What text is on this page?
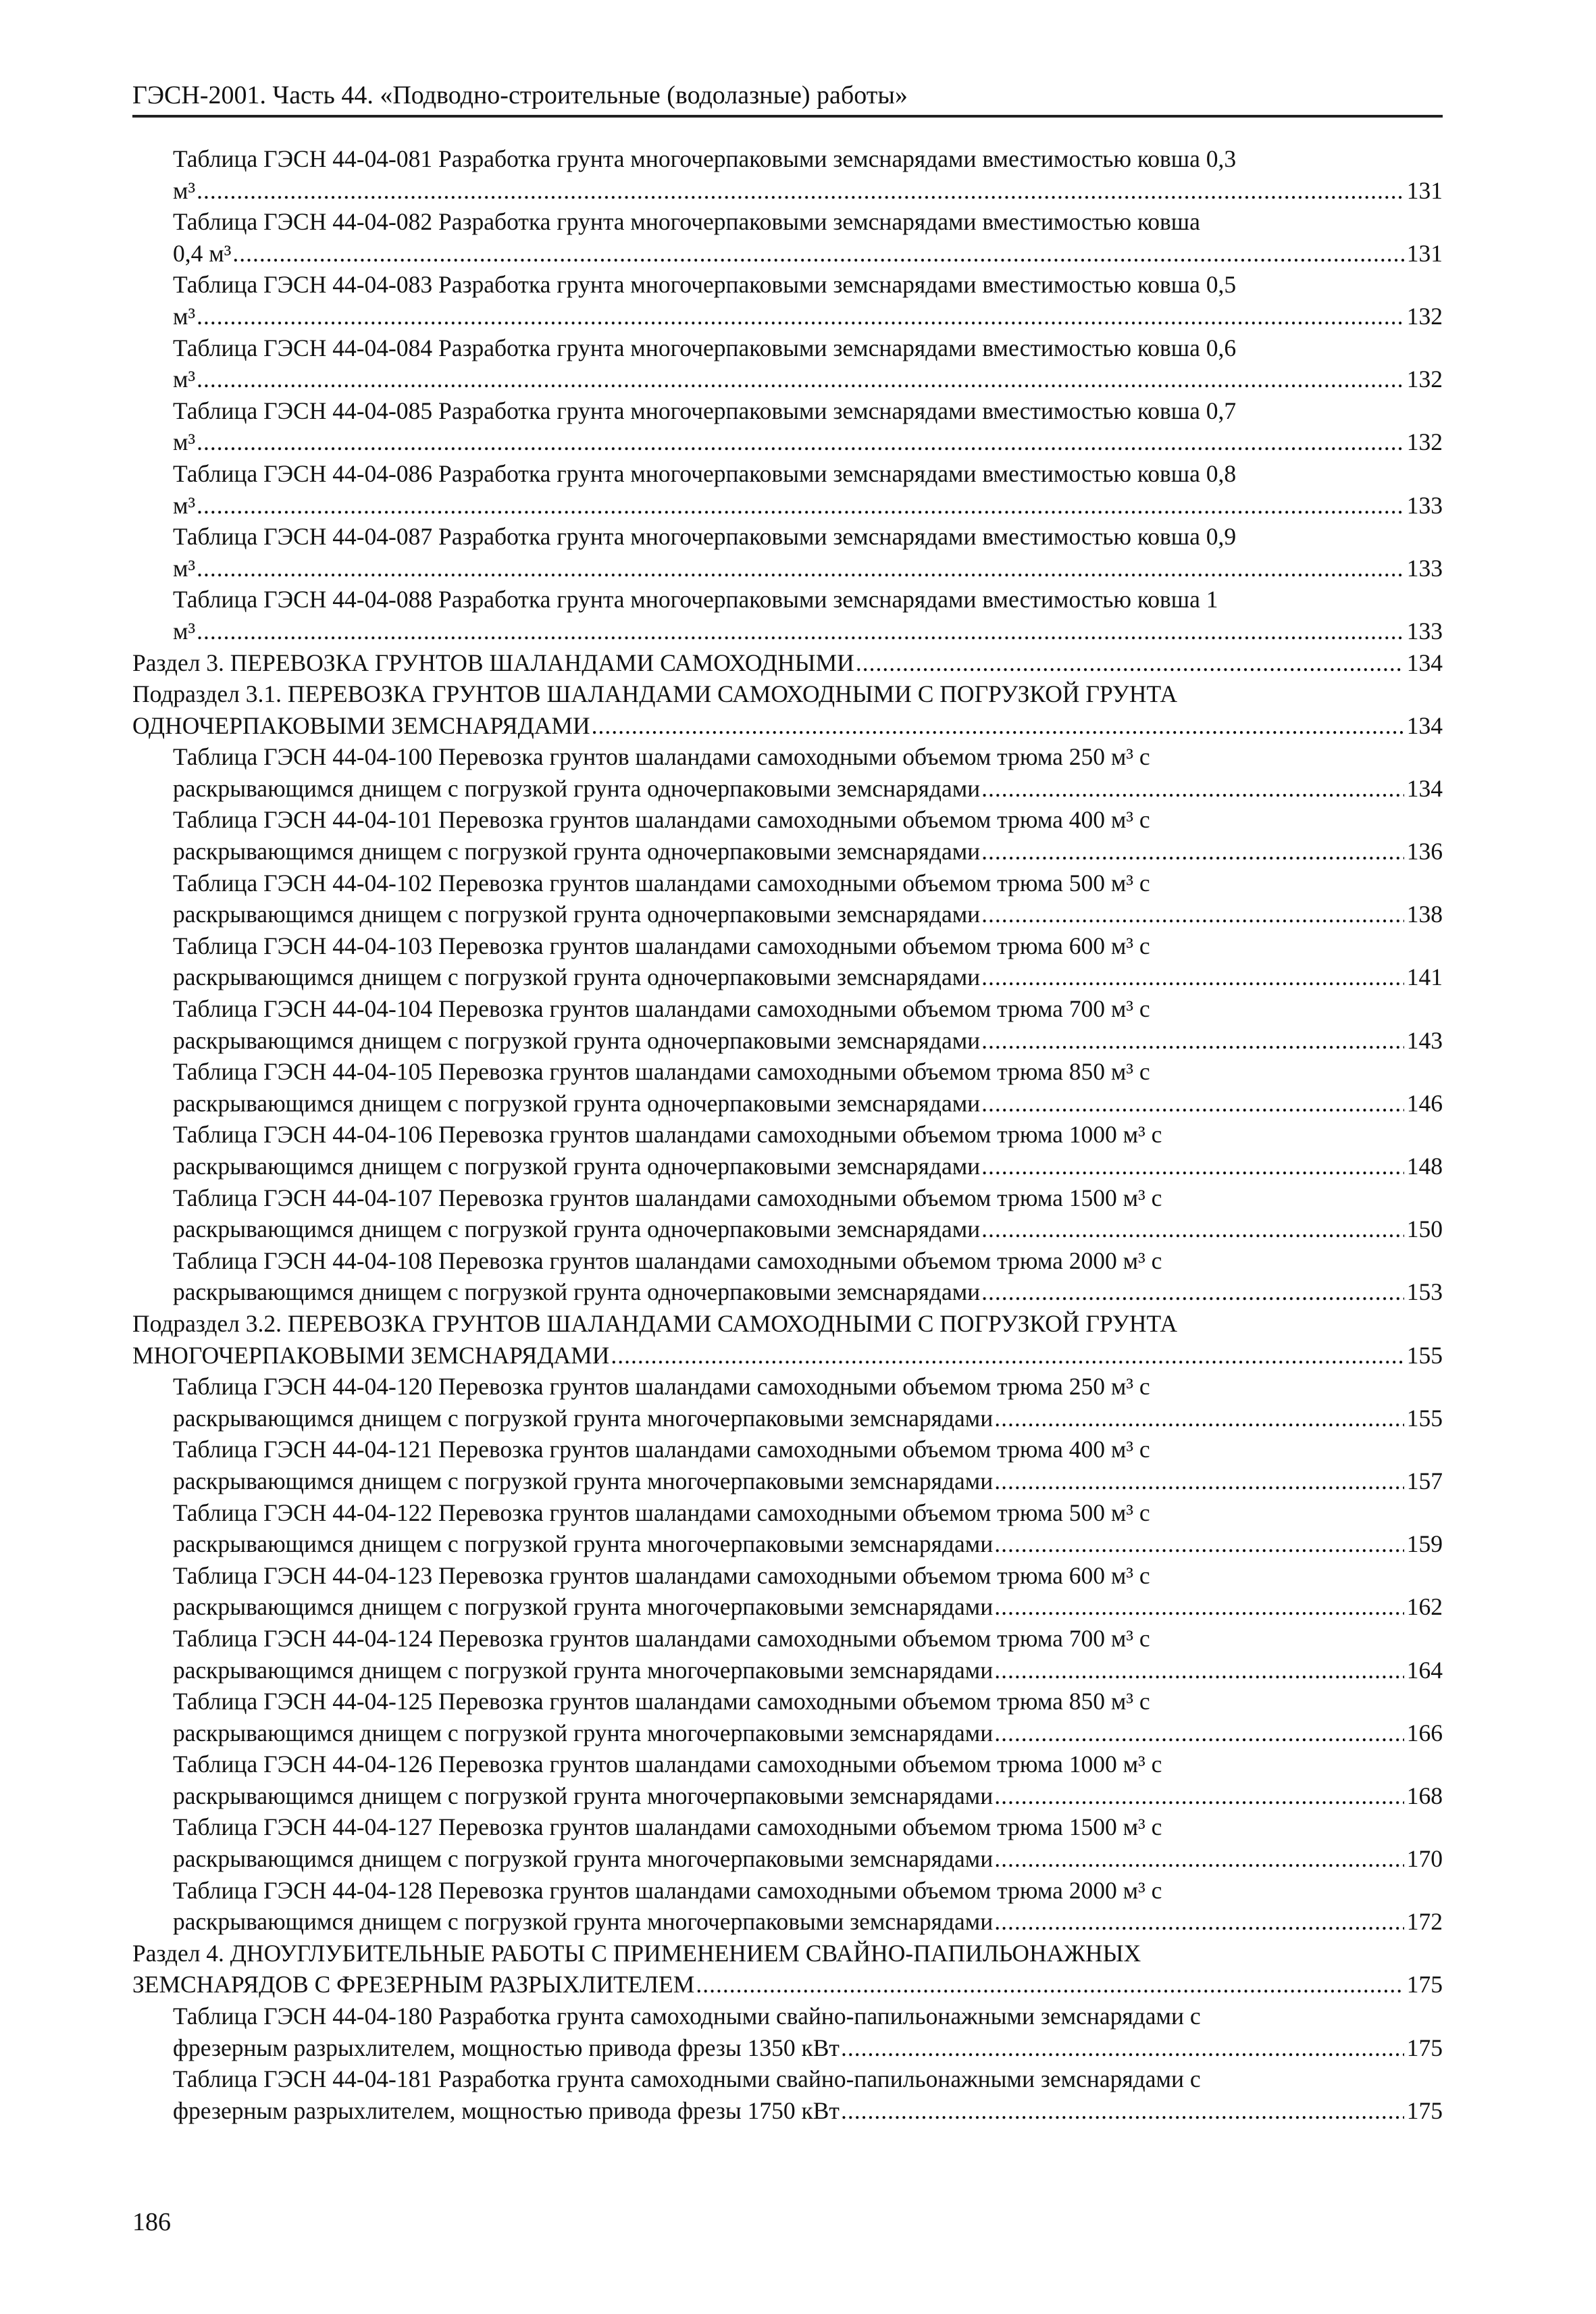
ГЭСН-2001. Часть 44. «Подводно-строительные (водолазные) работы»
Таблица ГЭСН 44-04-081 Разработка грунта многочерпаковыми земснарядами вместимостью ковша 0,3
м³ .....	131
Таблица ГЭСН 44-04-082 Разработка грунта многочерпаковыми земснарядами вместимостью ковша
0,4 м³ .....	131
Таблица ГЭСН 44-04-083 Разработка грунта многочерпаковыми земснарядами вместимостью ковша 0,5
м³ .....	132
Таблица ГЭСН 44-04-084 Разработка грунта многочерпаковыми земснарядами вместимостью ковша 0,6
м³ .....	132
Таблица ГЭСН 44-04-085 Разработка грунта многочерпаковыми земснарядами вместимостью ковша 0,7
м³ .....	132
Таблица ГЭСН 44-04-086 Разработка грунта многочерпаковыми земснарядами вместимостью ковша 0,8
м³ .....	133
Таблица ГЭСН 44-04-087 Разработка грунта многочерпаковыми земснарядами вместимостью ковша 0,9
м³ .....	133
Таблица ГЭСН 44-04-088 Разработка грунта многочерпаковыми земснарядами вместимостью ковша 1
м³ .....	133
Раздел 3. ПЕРЕВОЗКА ГРУНТОВ ШАЛАНДАМИ САМОХОДНЫМИ .....	134
Подраздел 3.1. ПЕРЕВОЗКА ГРУНТОВ ШАЛАНДАМИ САМОХОДНЫМИ С ПОГРУЗКОЙ ГРУНТА
ОДНОЧЕРПАКОВЫМИ ЗЕМСНАРЯДАМИ .....	134
Таблица ГЭСН 44-04-100 Перевозка грунтов шаландами самоходными объемом трюма 250 м³ с
раскрывающимся днищем с погрузкой грунта одночерпаковыми земснарядами .....	134
Таблица ГЭСН 44-04-101 Перевозка грунтов шаландами самоходными объемом трюма 400 м³ с
раскрывающимся днищем с погрузкой грунта одночерпаковыми земснарядами .....	136
Таблица ГЭСН 44-04-102 Перевозка грунтов шаландами самоходными объемом трюма 500 м³ с
раскрывающимся днищем с погрузкой грунта одночерпаковыми земснарядами .....	138
Таблица ГЭСН 44-04-103 Перевозка грунтов шаландами самоходными объемом трюма 600 м³ с
раскрывающимся днищем с погрузкой грунта одночерпаковыми земснарядами .....	141
Таблица ГЭСН 44-04-104 Перевозка грунтов шаландами самоходными объемом трюма 700 м³ с
раскрывающимся днищем с погрузкой грунта одночерпаковыми земснарядами .....	143
Таблица ГЭСН 44-04-105 Перевозка грунтов шаландами самоходными объемом трюма 850 м³ с
раскрывающимся днищем с погрузкой грунта одночерпаковыми земснарядами .....	146
Таблица ГЭСН 44-04-106 Перевозка грунтов шаландами самоходными объемом трюма 1000 м³ с
раскрывающимся днищем с погрузкой грунта одночерпаковыми земснарядами .....	148
Таблица ГЭСН 44-04-107 Перевозка грунтов шаландами самоходными объемом трюма 1500 м³ с
раскрывающимся днищем с погрузкой грунта одночерпаковыми земснарядами .....	150
Таблица ГЭСН 44-04-108 Перевозка грунтов шаландами самоходными объемом трюма 2000 м³ с
раскрывающимся днищем с погрузкой грунта одночерпаковыми земснарядами .....	153
Подраздел 3.2. ПЕРЕВОЗКА ГРУНТОВ ШАЛАНДАМИ САМОХОДНЫМИ С ПОГРУЗКОЙ ГРУНТА
МНОГОЧЕРПАКОВЫМИ ЗЕМСНАРЯДАМИ .....	155
Таблица ГЭСН 44-04-120 Перевозка грунтов шаландами самоходными объемом трюма 250 м³ с
раскрывающимся днищем с погрузкой грунта многочерпаковыми земснарядами .....	155
Таблица ГЭСН 44-04-121 Перевозка грунтов шаландами самоходными объемом трюма 400 м³ с
раскрывающимся днищем с погрузкой грунта многочерпаковыми земснарядами .....	157
Таблица ГЭСН 44-04-122 Перевозка грунтов шаландами самоходными объемом трюма 500 м³ с
раскрывающимся днищем с погрузкой грунта многочерпаковыми земснарядами .....	159
Таблица ГЭСН 44-04-123 Перевозка грунтов шаландами самоходными объемом трюма 600 м³ с
раскрывающимся днищем с погрузкой грунта многочерпаковыми земснарядами .....	162
Таблица ГЭСН 44-04-124 Перевозка грунтов шаландами самоходными объемом трюма 700 м³ с
раскрывающимся днищем с погрузкой грунта многочерпаковыми земснарядами .....	164
Таблица ГЭСН 44-04-125 Перевозка грунтов шаландами самоходными объемом трюма 850 м³ с
раскрывающимся днищем с погрузкой грунта многочерпаковыми земснарядами .....	166
Таблица ГЭСН 44-04-126 Перевозка грунтов шаландами самоходными объемом трюма 1000 м³ с
раскрывающимся днищем с погрузкой грунта многочерпаковыми земснарядами .....	168
Таблица ГЭСН 44-04-127 Перевозка грунтов шаландами самоходными объемом трюма 1500 м³ с
раскрывающимся днищем с погрузкой грунта многочерпаковыми земснарядами .....	170
Таблица ГЭСН 44-04-128 Перевозка грунтов шаландами самоходными объемом трюма 2000 м³ с
раскрывающимся днищем с погрузкой грунта многочерпаковыми земснарядами .....	172
Раздел 4. ДНОУГЛУБИТЕЛЬНЫЕ РАБОТЫ С ПРИМЕНЕНИЕМ СВАЙНО-ПАПИЛЬОНАЖНЫХ
ЗЕМСНАРЯДОВ С ФРЕЗЕРНЫМ РАЗРЫХЛИТЕЛЕМ .....	175
Таблица ГЭСН 44-04-180 Разработка грунта самоходными свайно-папильонажными земснарядами с
фрезерным разрыхлителем, мощностью привода фрезы 1350 кВт .....	175
Таблица ГЭСН 44-04-181 Разработка грунта самоходными свайно-папильонажными земснарядами с
фрезерным разрыхлителем, мощностью привода фрезы 1750 кВт .....	175
186
